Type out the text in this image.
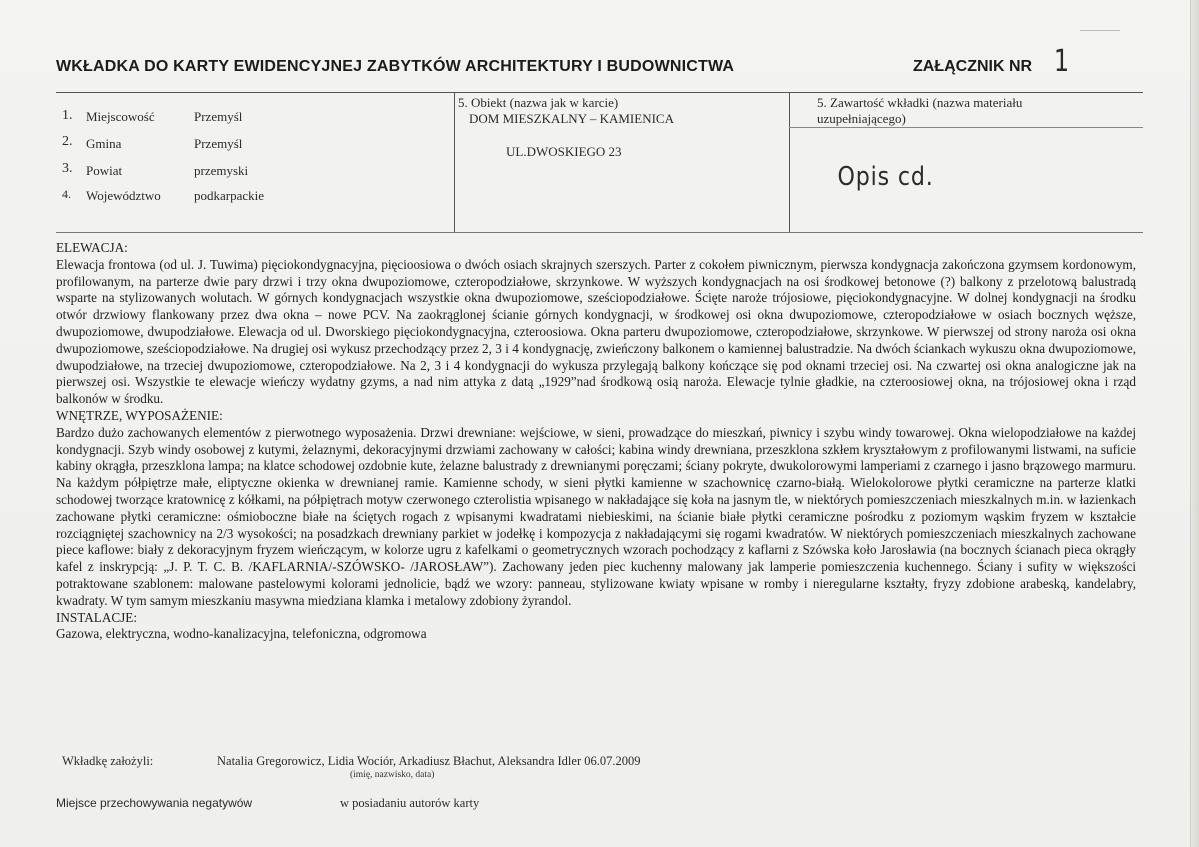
WKŁADKA DO KARTY EWIDENCYJNEJ ZABYTKÓW ARCHITEKTURY I BUDOWNICTWA	ZAŁĄCZNIK NR 1
1. Miejscowość	Przemyśl
2. Gmina	Przemyśl
3. Powiat	przemyski
4. Województwo	podkarpackie
5. Obiekt (nazwa jak w karcie)
DOM MIESZKALNY – KAMIENICA
UL.DWOSKIEGO 23
5. Zawartość wkładki (nazwa materiału
uzupełniającego)
Opis cd.

ELEWACJA:

Elewacja frontowa (od ul. J. Tuwima) pięciokondygnacyjna, pięcioosiowa o dwóch osiach skrajnych szerszych. Parter z cokołem piwnicznym, pierwsza kondygnacja zakończona gzymsem kordonowym, profilowanym, na parterze dwie pary drzwi i trzy okna dwupoziomowe, czteropodziałowe, skrzynkowe. W wyższych kondygnacjach na osi środkowej betonowe (?) balkony z przelotową balustradą wsparte na stylizowanych wolutach. W górnych kondygnacjach wszystkie okna dwupoziomowe, sześciopodziałowe. Ścięte naroże trójosiowe, pięciokondygnacyjne. W dolnej kondygnacji na środku otwór drzwiowy flankowany przez dwa okna – nowe PCV. Na zaokrąglonej ścianie górnych kondygnacji, w środkowej osi okna dwupoziomowe, czteropodziałowe w osiach bocznych węższe, dwupoziomowe, dwupodziałowe. Elewacja od ul. Dworskiego pięciokondygnacyjna, czteroosiowa. Okna parteru dwupoziomowe, czteropodziałowe, skrzynkowe. W pierwszej od strony naroża osi okna dwupoziomowe, sześciopodziałowe. Na drugiej osi wykusz przechodzący przez 2, 3 i 4 kondygnację, zwieńczony balkonem o kamiennej balustradzie. Na dwóch ściankach wykuszu okna dwupoziomowe, dwupodziałowe, na trzeciej dwupoziomowe, czteropodziałowe. Na 2, 3 i 4 kondygnacji do wykusza przylegają balkony kończące się pod oknami trzeciej osi. Na czwartej osi okna analogiczne jak na pierwszej osi. Wszystkie te elewacje wieńczy wydatny gzyms, a nad nim attyka z datą „1929”nad środkową osią naroża. Elewacje tylnie gładkie, na czteroosiowej okna, na trójosiowej okna i rząd balkonów w środku.

WNĘTRZE, WYPOSAŻENIE:

Bardzo dużo zachowanych elementów z pierwotnego wyposażenia. Drzwi drewniane: wejściowe, w sieni, prowadzące do mieszkań, piwnicy i szybu windy towarowej. Okna wielopodziałowe na każdej kondygnacji. Szyb windy osobowej z kutymi, żelaznymi, dekoracyjnymi drzwiami zachowany w całości; kabina windy drewniana, przeszklona szkłem kryształowym z profilowanymi listwami, na suficie kabiny okrągła, przeszklona lampa; na klatce schodowej ozdobnie kute, żelazne balustrady z drewnianymi poręczami; ściany pokryte, dwukolorowymi lamperiami z czarnego i jasno brązowego marmuru. Na każdym półpiętrze małe, eliptyczne okienka w drewnianej ramie. Kamienne schody, w sieni płytki kamienne w szachownicę czarno-białą. Wielokolorowe płytki ceramiczne na parterze klatki schodowej tworzące kratownicę z kółkami, na półpiętrach motyw czerwonego czterolistia wpisanego w nakładające się koła na jasnym tle, w niektórych pomieszczeniach mieszkalnych m.in. w łazienkach zachowane płytki ceramiczne: ośmioboczne białe na ściętych rogach z wpisanymi kwadratami niebieskimi, na ścianie białe płytki ceramiczne pośrodku z poziomym wąskim fryzem w kształcie rozciągniętej szachownicy na 2/3 wysokości; na posadzkach drewniany parkiet w jodełkę i kompozycja z nakładającymi się rogami kwadratów. W niektórych pomieszczeniach mieszkalnych zachowane piece kaflowe: biały z dekoracyjnym fryzem wieńczącym, w kolorze ugru z kafelkami o geometrycznych wzorach pochodzący z kaflarni z Szówska koło Jarosławia (na bocznych ścianach pieca okrągły kafel z inskrypcją: „J. P. T. C. B. /KAFLARNIA/-SZÓWSKO- /JAROSŁAW”). Zachowany jeden piec kuchenny malowany jak lamperie pomieszczenia kuchennego. Ściany i sufity w większości potraktowane szablonem: malowane pastelowymi kolorami jednolicie, bądź we wzory: panneau, stylizowane kwiaty wpisane w romby i nieregularne kształty, fryzy zdobione arabeską, kandelabry, kwadraty. W tym samym mieszkaniu masywna miedziana klamka i metalowy zdobiony żyrandol.

INSTALACJE:

Gazowa, elektryczna, wodno-kanalizacyjna, telefoniczna, odgromowa

Wkładkę założyli:	Natalia Gregorowicz, Lidia Wociór, Arkadiusz Błachut, Aleksandra Idler 06.07.2009
(imię, nazwisko, data)
Miejsce przechowywania negatywów	w posiadaniu autorów karty
